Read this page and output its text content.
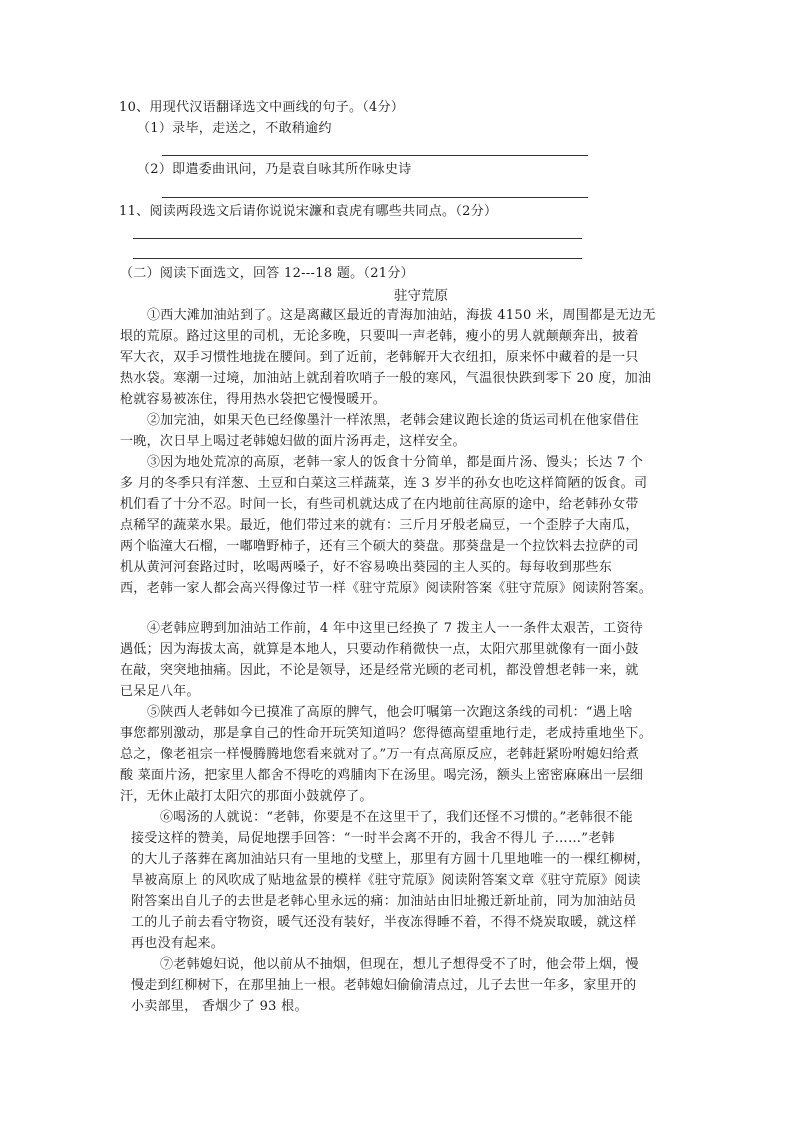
10、用现代汉语翻译选文中画线的句子。（4分）
（1）录毕，走送之，不敢稍逾约
（2）即遣委曲讯问，乃是袁自咏其所作咏史诗
11、阅读两段选文后请你说说宋濂和袁虎有哪些共同点。（2分）
（二）阅读下面选文，回答 12---18 题。（21分）
驻守荒原
①西大滩加油站到了。这是离藏区最近的青海加油站，海拔 4150 米，周围都是无边无
垠的荒原。路过这里的司机，无论多晚，只要叫一声老韩，瘦小的男人就颠颠奔出，披着
军大衣，双手习惯性地拢在腰间。到了近前，老韩解开大衣纽扣，原来怀中藏着的是一只
热水袋。寒潮一过境，加油站上就刮着吹哨子一般的寒风，气温很快跌到零下 20 度，加油
枪就容易被冻住，得用热水袋把它慢慢暖开。
②加完油，如果天色已经像墨汁一样浓黑，老韩会建议跑长途的货运司机在他家借住
一晚，次日早上喝过老韩媳妇做的面片汤再走，这样安全。
③因为地处荒凉的高原，老韩一家人的饭食十分简单，都是面片汤、馒头；长达 7 个
多 月的冬季只有洋葱、土豆和白菜这三样蔬菜，连 3 岁半的孙女也吃这样简陋的饭食。司
机们看了十分不忍。时间一长，有些司机就达成了在内地前往高原的途中，给老韩孙女带
点稀罕的蔬菜水果。最近，他们带过来的就有：三斤月牙般老扁豆，一个歪脖子大南瓜，
两个临潼大石榴，一嘟噜野柿子，还有三个硕大的葵盘。那葵盘是一个拉饮料去拉萨的司
机从黄河河套路过时，吆喝两嗓子，好不容易唤出葵园的主人买的。每每收到那些东
西，老韩一家人都会高兴得像过节一样《驻守荒原》阅读附答案《驻守荒原》阅读附答案。
④老韩应聘到加油站工作前，4 年中这里已经换了 7 拨主人一一条件太艰苦，工资待
遇低；因为海拔太高，就算是本地人，只要动作稍微快一点，太阳穴那里就像有一面小鼓
在敲，突突地抽痛。因此，不论是领导，还是经常光顾的老司机，都没曾想老韩一来，就
已呆足八年。
⑤陕西人老韩如今已摸准了高原的脾气，他会叮嘱第一次跑这条线的司机：“遇上啥
事您都别激动，那是拿自己的性命开玩笑知道吗？您得德高望重地行走，老成持重地坐下。
总之，像老祖宗一样慢腾腾地您看来就对了。”万一有点高原反应，老韩赶紧吩咐媳妇给煮
酸 菜面片汤，把家里人都舍不得吃的鸡脯肉下在汤里。喝完汤，额头上密密麻麻出一层细
汗，无休止敲打太阳穴的那面小鼓就停了。
⑥喝汤的人就说：“老韩，你要是不在这里干了，我们还怪不习惯的。”老韩很不能
接受这样的赞美，局促地摆手回答：“一时半会离不开的，我舍不得儿 子……”老韩
的大儿子落葬在离加油站只有一里地的戈壁上，那里有方圆十几里地唯一的一棵红柳树，
旱被高原上 的风吹成了贴地盆景的模样《驻守荒原》阅读附答案文章《驻守荒原》阅读
附答案出自儿子的去世是老韩心里永远的痛：加油站由旧址搬迁新址前，同为加油站员
工的儿子前去看守物资，暖气还没有装好，半夜冻得睡不着，不得不烧炭取暖，就这样
再也没有起来。
⑦老韩媳妇说，他以前从不抽烟，但现在，想儿子想得受不了时，他会带上烟，慢
慢走到红柳树下，在那里抽上一根。老韩媳妇偷偷清点过，儿子去世一年多，家里开的
小卖部里， 香烟少了 93 根。
